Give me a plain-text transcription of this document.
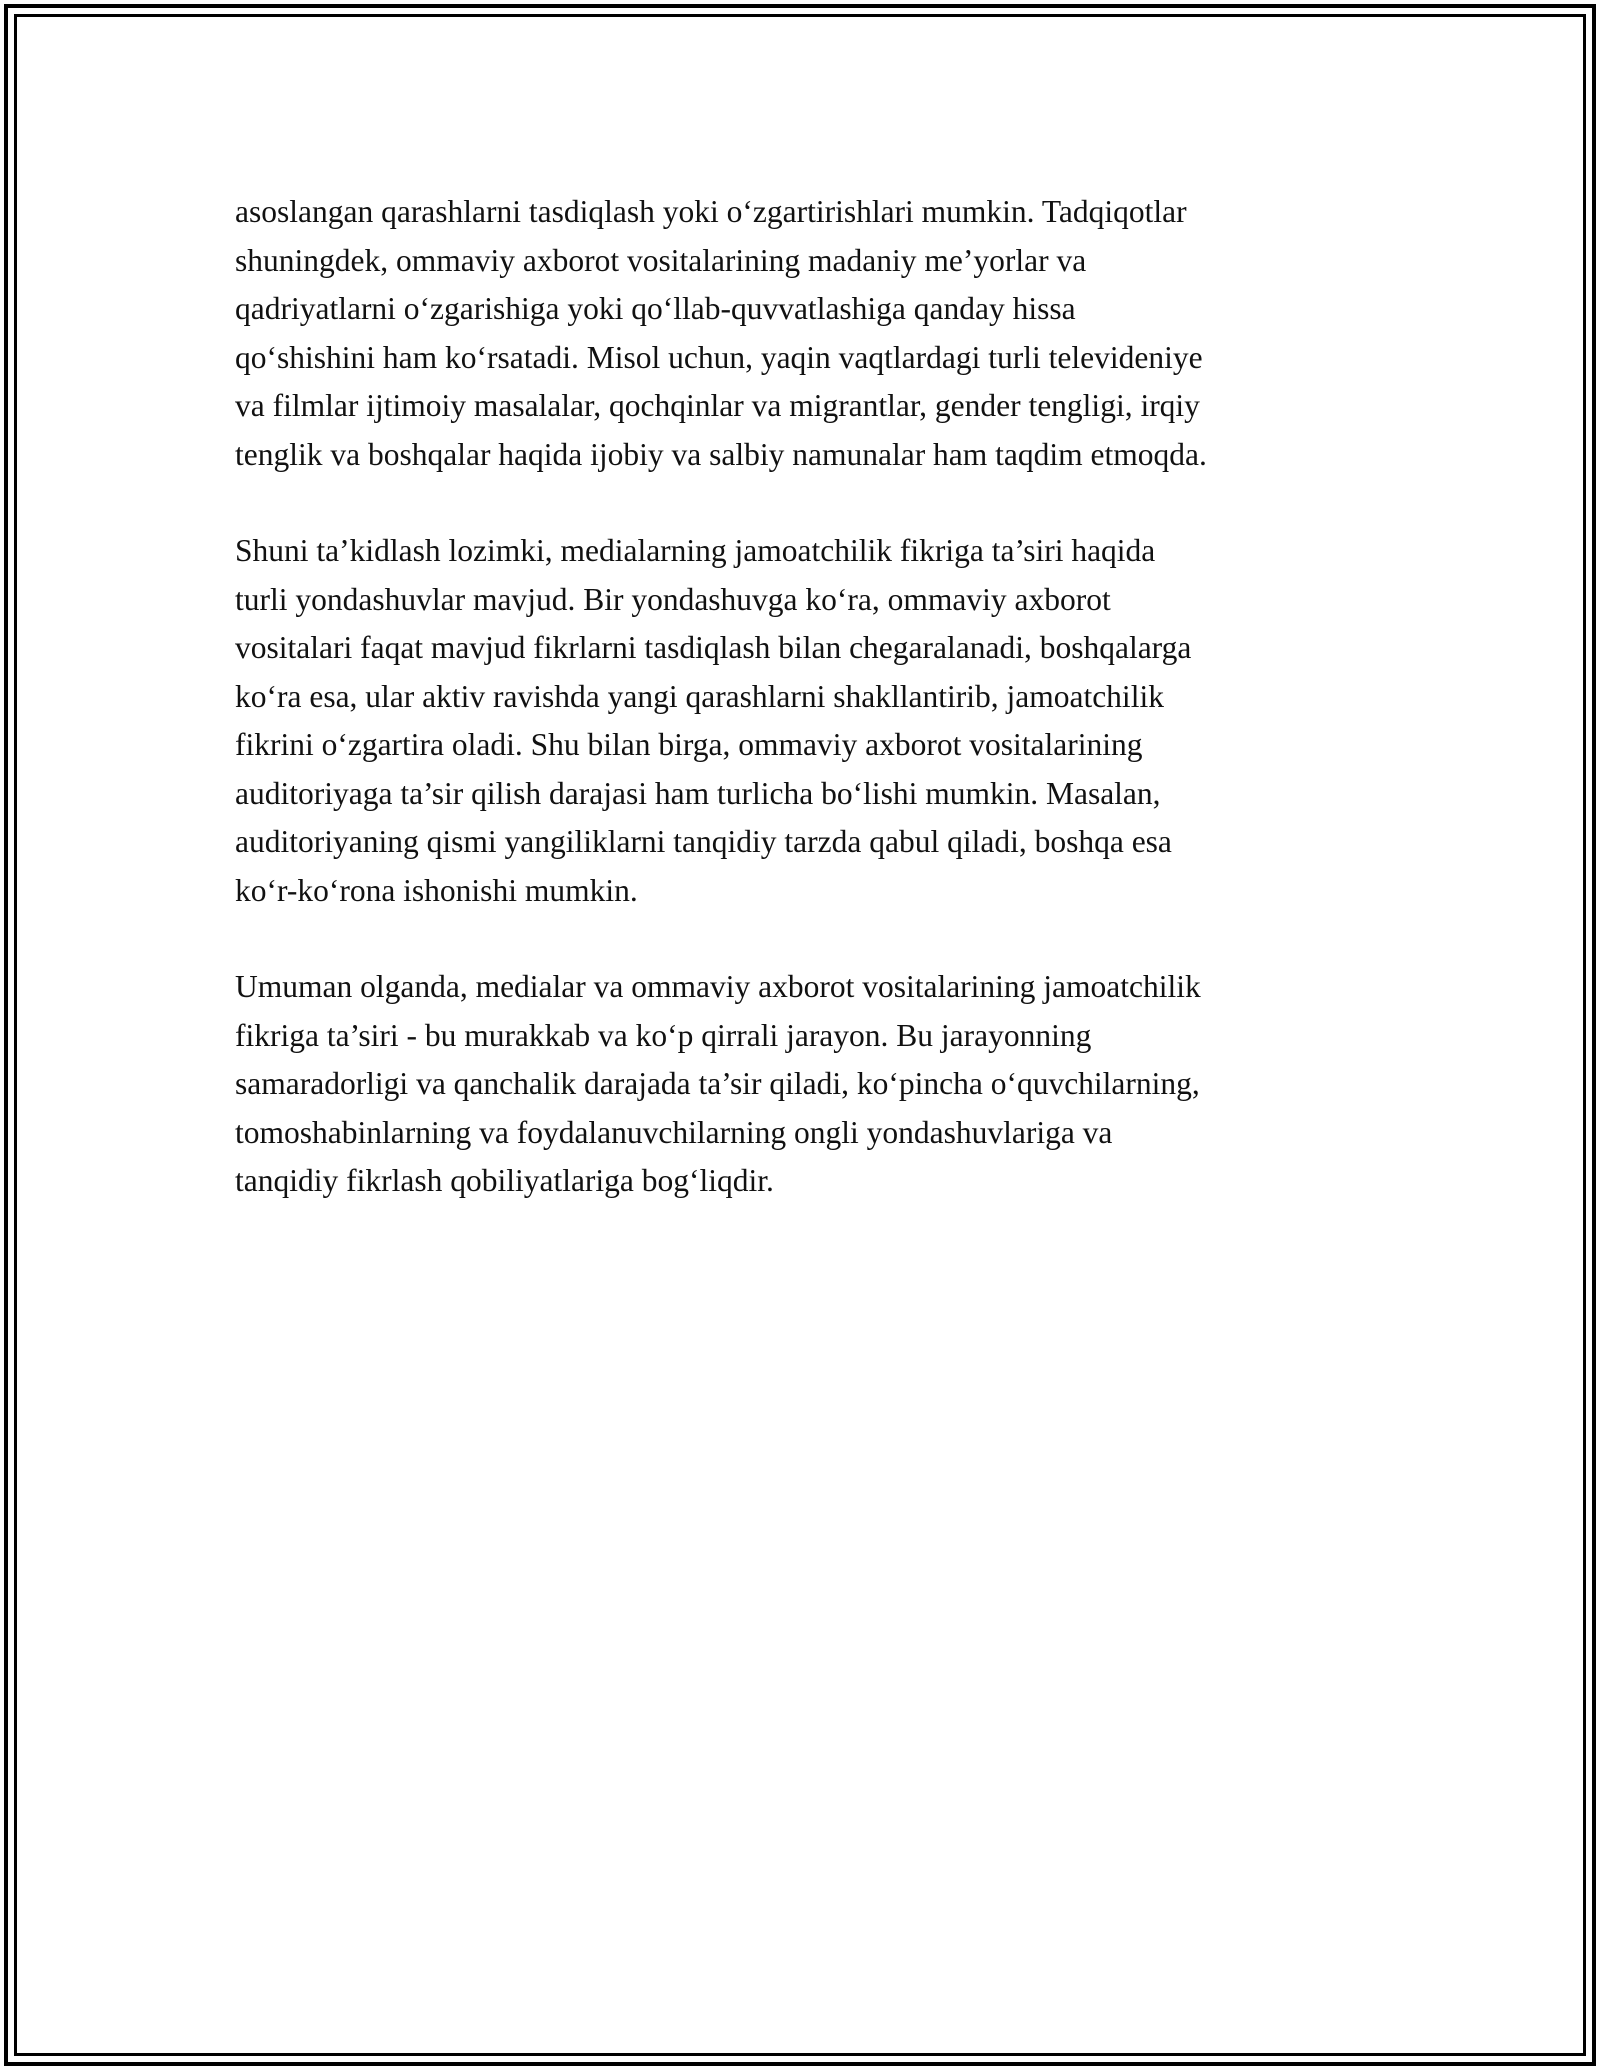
asoslangan qarashlarni tasdiqlash yoki o‘zgartirishlari mumkin. Tadqiqotlar
shuningdek, ommaviy axborot vositalarining madaniy me’yorlar va
qadriyatlarni o‘zgarishiga yoki qo‘llab-quvvatlashiga qanday hissa
qo‘shishini ham ko‘rsatadi. Misol uchun, yaqin vaqtlardagi turli televideniye
va filmlar ijtimoiy masalalar, qochqinlar va migrantlar, gender tengligi, irqiy
tenglik va boshqalar haqida ijobiy va salbiy namunalar ham taqdim etmoqda.

Shuni ta’kidlash lozimki, medialarning jamoatchilik fikriga ta’siri haqida
turli yondashuvlar mavjud. Bir yondashuvga ko‘ra, ommaviy axborot
vositalari faqat mavjud fikrlarni tasdiqlash bilan chegaralanadi, boshqalarga
ko‘ra esa, ular aktiv ravishda yangi qarashlarni shakllantirib, jamoatchilik
fikrini o‘zgartira oladi. Shu bilan birga, ommaviy axborot vositalarining
auditoriyaga ta’sir qilish darajasi ham turlicha bo‘lishi mumkin. Masalan,
auditoriyaning qismi yangiliklarni tanqidiy tarzda qabul qiladi, boshqa esa
ko‘r-ko‘rona ishonishi mumkin.

Umuman olganda, medialar va ommaviy axborot vositalarining jamoatchilik
fikriga ta’siri - bu murakkab va ko‘p qirrali jarayon. Bu jarayonning
samaradorligi va qanchalik darajada ta’sir qiladi, ko‘pincha o‘quvchilarning,
tomoshabinlarning va foydalanuvchilarning ongli yondashuvlariga va
tanqidiy fikrlash qobiliyatlariga bog‘liqdir.
